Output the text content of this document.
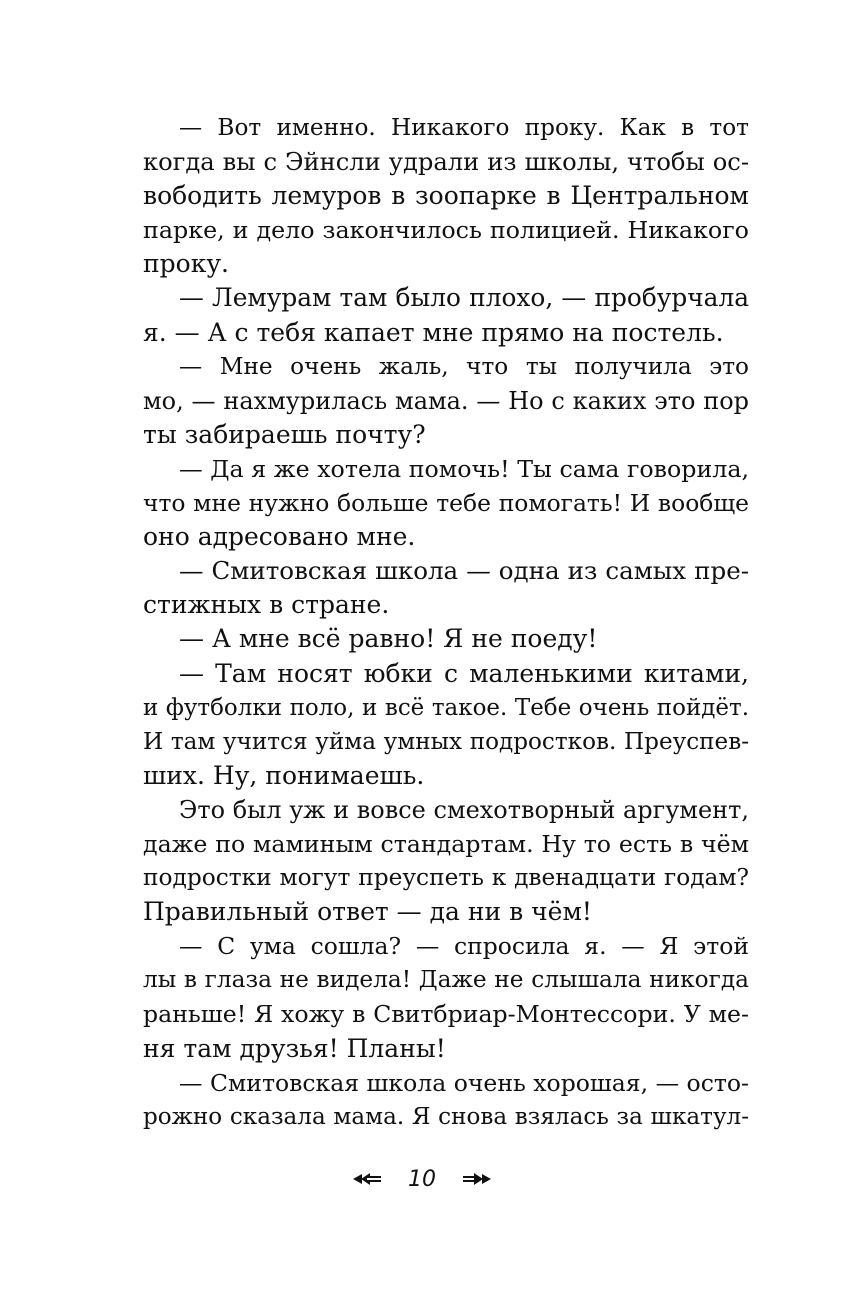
— Вот именно. Никакого проку. Как в тот
когда вы с Эйнсли удрали из школы, чтобы ос-
вободить лемуров в зоопарке в Центральном
парке, и дело закончилось полицией. Никакого
проку.
— Лемурам там было плохо, — пробурчала
я. — А с тебя капает мне прямо на постель.
— Мне очень жаль, что ты получила это
мо, — нахмурилась мама. — Но с каких это пор
ты забираешь почту?
— Да я же хотела помочь! Ты сама говорила,
что мне нужно больше тебе помогать! И вообще
оно адресовано мне.
— Смитовская школа — одна из самых пре-
стижных в стране.
— А мне всё равно! Я не поеду!
— Там носят юбки с маленькими китами,
и футболки поло, и всё такое. Тебе очень пойдёт.
И там учится уйма умных подростков. Преуспев-
ших. Ну, понимаешь.
Это был уж и вовсе смехотворный аргумент,
даже по маминым стандартам. Ну то есть в чём
подростки могут преуспеть к двенадцати годам?
Правильный ответ — да ни в чём!
— С ума сошла? — спросила я. — Я этой
лы в глаза не видела! Даже не слышала никогда
раньше! Я хожу в Свитбриар-Монтессори. У ме-
ня там друзья! Планы!
— Смитовская школа очень хорошая, — осто-
рожно сказала мама. Я снова взялась за шкатул-
10
